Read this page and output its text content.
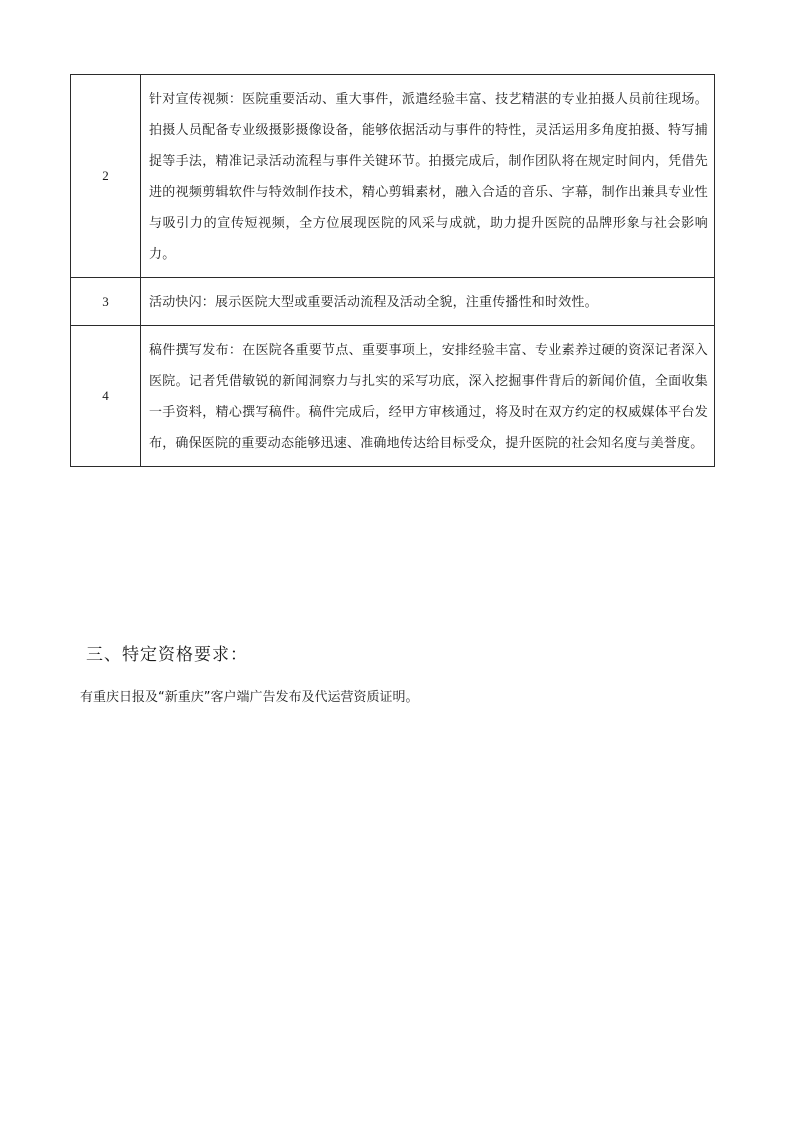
2	针对宣传视频：医院重要活动、重大事件，派遣经验丰富、技艺精湛的专业拍摄人员前往现场。拍摄人员配备专业级摄影摄像设备，能够依据活动与事件的特性，灵活运用多角度拍摄、特写捕捉等手法，精准记录活动流程与事件关键环节。拍摄完成后，制作团队将在规定时间内，凭借先进的视频剪辑软件与特效制作技术，精心剪辑素材，融入合适的音乐、字幕，制作出兼具专业性与吸引力的宣传短视频，全方位展现医院的风采与成就，助力提升医院的品牌形象与社会影响力。
3	活动快闪：展示医院大型或重要活动流程及活动全貌，注重传播性和时效性。
4	稿件撰写发布：在医院各重要节点、重要事项上，安排经验丰富、专业素养过硬的资深记者深入医院。记者凭借敏锐的新闻洞察力与扎实的采写功底，深入挖掘事件背后的新闻价值，全面收集一手资料，精心撰写稿件。稿件完成后，经甲方审核通过，将及时在双方约定的权威媒体平台发布，确保医院的重要动态能够迅速、准确地传达给目标受众，提升医院的社会知名度与美誉度。
三、特定资格要求：
有重庆日报及“新重庆”客户端广告发布及代运营资质证明。
